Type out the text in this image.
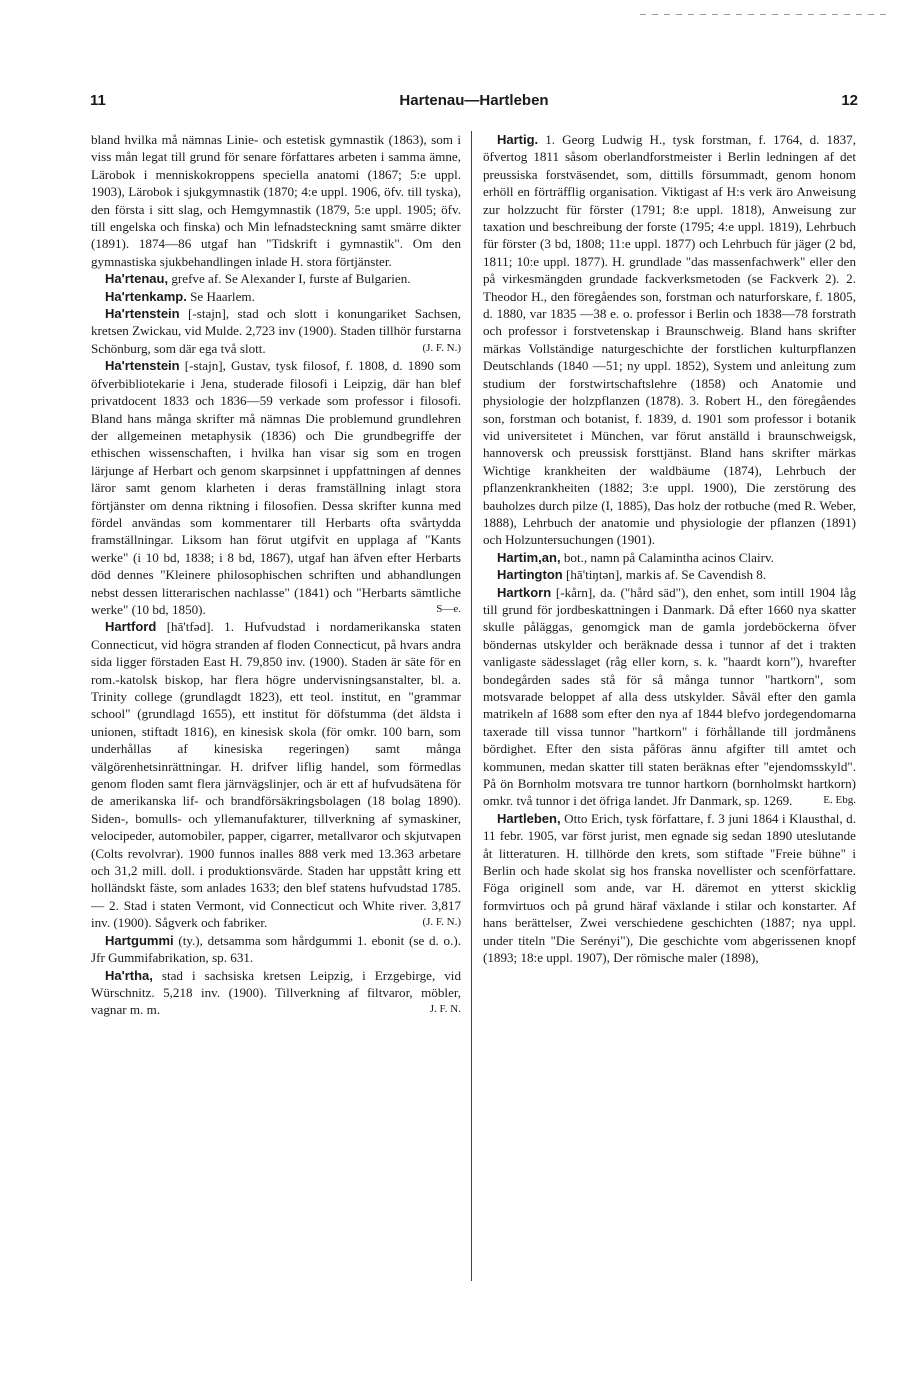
11	Hartenau—Hartleben	12

bland hvilka må nämnas Linie- och estetisk gymnastik (1863), som i viss mån legat till grund för senare författares arbeten i samma ämne, Lärobok i menniskokroppens speciella anatomi (1867; 5:e uppl. 1903), Lärobok i sjukgymnastik (1870; 4:e uppl. 1906, öfv. till tyska), den första i sitt slag, och Hemgymnastik (1879, 5:e uppl. 1905; öfv. till engelska och finska) och Min lefnadsteckning samt smärre dikter (1891). 1874—86 utgaf han "Tidskrift i gymnastik". Om den gymnastiska sjukbehandlingen inlade H. stora förtjänster.

Ha'rtenau, grefve af. Se Alexander I, furste af Bulgarien.

Ha'rtenkamp. Se Haarlem.

Ha'rtenstein [-stajn], stad och slott i konungariket Sachsen, kretsen Zwickau, vid Mulde. 2,723 inv (1900). Staden tillhör furstarna Schönburg, som där ega två slott.	(J. F. N.)

Ha'rtenstein [-stajn], Gustav, tysk filosof, f. 1808, d. 1890 som öfverbibliotekarie i Jena, studerade filosofi i Leipzig, där han blef privatdocent 1833 och 1836—59 verkade som professor i filosofi. Bland hans många skrifter må nämnas Die problemund grundlehren der allgemeinen metaphysik (1836) och Die grundbegriffe der ethischen wissenschaften, i hvilka han visar sig som en trogen lärjunge af Herbart och genom skarpsinnet i uppfattningen af dennes läror samt genom klarheten i deras framställning inlagt stora förtjänster om denna riktning i filosofien. Dessa skrifter kunna med fördel användas som kommentarer till Herbarts ofta svårtydda framställningar. Liksom han förut utgifvit en upplaga af "Kants werke" (i 10 bd, 1838; i 8 bd, 1867), utgaf han äfven efter Herbarts död dennes "Kleinere philosophischen schriften und abhandlungen nebst dessen litterarischen nachlasse" (1841) och "Herbarts sämtliche werke" (10 bd, 1850).	S—e.

Hartford [hā'tfəd]. 1. Hufvudstad i nordamerikanska staten Connecticut, vid högra stranden af floden Connecticut, på hvars andra sida ligger förstaden East H. 79,850 inv. (1900). Staden är säte för en rom.-katolsk biskop, har flera högre undervisningsanstalter, bl. a. Trinity college (grundlagdt 1823), ett teol. institut, en "grammar school" (grundlagd 1655), ett institut för döfstumma (det äldsta i unionen, stiftadt 1816), en kinesisk skola (för omkr. 100 barn, som underhållas af kinesiska regeringen) samt många välgörenhetsinrättningar. H. drifver liflig handel, som förmedlas genom floden samt flera järnvägslinjer, och är ett af hufvudsätena för de amerikanska lif- och brandförsäkringsbolagen (18 bolag 1890). Siden-, bomulls- och yllemanufakturer, tillverkning af symaskiner, velocipeder, automobiler, papper, cigarrer, metallvaror och skjutvapen (Colts revolvrar). 1900 funnos inalles 888 verk med 13.363 arbetare och 31,2 mill. doll. i produktionsvärde. Staden har uppstått kring ett holländskt fäste, som anlades 1633; den blef statens hufvudstad 1785. — 2. Stad i staten Vermont, vid Connecticut och White river. 3,817 inv. (1900). Sågverk och fabriker.	(J. F. N.)

Hartgummi (ty.), detsamma som hårdgummi 1. ebonit (se d. o.). Jfr Gummifabrikation, sp. 631.

Ha'rtha, stad i sachsiska kretsen Leipzig, i Erzgebirge, vid Würschnitz. 5,218 inv. (1900). Tillverkning af filtvaror, möbler, vagnar m. m.	J. F. N.

Hartig. 1. Georg Ludwig H., tysk forstman, f. 1764, d. 1837, öfvertog 1811 såsom oberlandforstmeister i Berlin ledningen af det preussiska forstväsendet, som, dittills försummadt, genom honom erhöll en förträfflig organisation. Viktigast af H:s verk äro Anweisung zur holzzucht für förster (1791; 8:e uppl. 1818), Anweisung zur taxation und beschreibung der forste (1795; 4:e uppl. 1819), Lehrbuch für förster (3 bd, 1808; 11:e uppl. 1877) och Lehrbuch für jäger (2 bd, 1811; 10:e uppl. 1877). H. grundlade "das massenfachwerk" eller den på virkesmängden grundade fackverksmetoden (se Fackverk 2). 2. Theodor H., den föregåendes son, forstman och naturforskare, f. 1805, d. 1880, var 1835 —38 e. o. professor i Berlin och 1838—78 forstrath och professor i forstvetenskap i Braunschweig. Bland hans skrifter märkas Vollständige naturgeschichte der forstlichen kulturpflanzen Deutschlands (1840 —51; ny uppl. 1852), System und anleitung zum studium der forstwirtschaftslehre (1858) och Anatomie und physiologie der holzpflanzen (1878). 3. Robert H., den föregåendes son, forstman och botanist, f. 1839, d. 1901 som professor i botanik vid universitetet i München, var förut anställd i braunschweigsk, hannoversk och preussisk forsttjänst. Bland hans skrifter märkas Wichtige krankheiten der waldbäume (1874), Lehrbuch der pflanzenkrankheiten (1882; 3:e uppl. 1900), Die zerstörung des bauholzes durch pilze (I, 1885), Das holz der rotbuche (med R. Weber, 1888), Lehrbuch der anatomie und physiologie der pflanzen (1891) och Holzuntersuchungen (1901).

Hartim,an, bot., namn på Calamintha acinos Clairv.

Hartington [hā'tiŋtən], markis af. Se Cavendish 8.

Hartkorn [-kårn], da. ("hård säd"), den enhet, som intill 1904 låg till grund för jordbeskattningen i Danmark. Då efter 1660 nya skatter skulle påläggas, genomgick man de gamla jordeböckerna öfver böndernas utskylder och beräknade dessa i tunnor af det i trakten vanligaste sädesslaget (råg eller korn, s. k. "haardt korn"), hvarefter bondegården sades stå för så många tunnor "hartkorn", som motsvarade beloppet af alla dess utskylder. Såväl efter den gamla matrikeln af 1688 som efter den nya af 1844 blefvo jordegendomarna taxerade till vissa tunnor "hartkorn" i förhållande till jordmånens bördighet. Efter den sista påföras ännu afgifter till amtet och kommunen, medan skatter till staten beräknas efter "ejendomsskyld". På ön Bornholm motsvara tre tunnor hartkorn (bornholmskt hartkorn) omkr. två tunnor i det öfriga landet. Jfr Danmark, sp. 1269.	E. Ebg.

Hartleben, Otto Erich, tysk författare, f. 3 juni 1864 i Klausthal, d. 11 febr. 1905, var först jurist, men egnade sig sedan 1890 uteslutande åt litteraturen. H. tillhörde den krets, som stiftade "Freie bühne" i Berlin och hade skolat sig hos franska novellister och scenförfattare. Föga originell som ande, var H. däremot en ytterst skicklig formvirtuos och på grund häraf växlande i stilar och konstarter. Af hans berättelser, Zwei verschiedene geschichten (1887; nya uppl. under titeln "Die Serényi"), Die geschichte vom abgerissenen knopf (1893; 18:e uppl. 1907), Der römische maler (1898),
